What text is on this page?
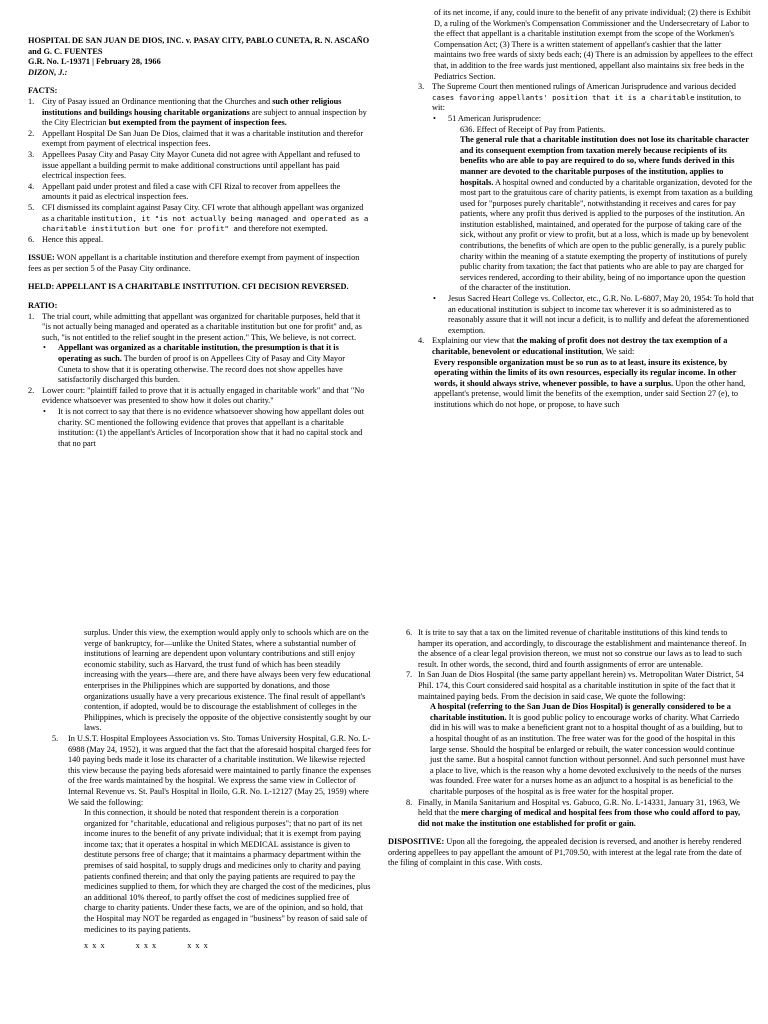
HOSPITAL DE SAN JUAN DE DIOS, INC. v. PASAY CITY, PABLO CUNETA, R. N. ASCAÑO and G. C. FUENTES
G.R. No. L-19371 | February 28, 1966
DIZON, J.:
FACTS:
1. City of Pasay issued an Ordinance mentioning that the Churches and such other religious institutions and buildings housing charitable organizations are subject to annual inspection by the City Electrician but exempted from the payment of inspection fees.
2. Appellant Hospital De San Juan De Dios, claimed that it was a charitable institution and therefor exempt from payment of electrical inspection fees.
3. Appellees Pasay City and Pasay City Mayor Cuneta did not agree with Appellant and refused to issue appellant a building permit to make additional constructions until appellant has paid electrical inspection fees.
4. Appellant paid under protest and filed a case with CFI Rizal to recover from appellees the amounts it paid as electrical inspection fees.
5. CFI dismissed its complaint against Pasay City. CFI wrote that although appellant was organized as a charitable institution, it "is not actually being managed and operated as a charitable institution but one for profit" and therefore not exempted.
6. Hence this appeal.
ISSUE: WON appellant is a charitable institution and therefore exempt from payment of inspection fees as per section 5 of the Pasay City ordinance.
HELD: APPELLANT IS A CHARITABLE INSTITUTION. CFI DECISION REVERSED.
RATIO:
1. The trial court, while admitting that appellant was organized for charitable purposes, held that it "is not actually being managed and operated as a charitable institution but one for profit" and, as such, "is not entitled to the relief sought in the present action." This, We believe, is not correct.
• Appellant was organized as a charitable institution, the presumption is that it is operating as such. The burden of proof is on Appellees City of Pasay and City Mayor Cuneta to show that it is operating otherwise. The record does not show appelles have satisfactorily discharged this burden.
2. Lower court: "plaintiff failed to prove that it is actually engaged in charitable work" and that "No evidence whatsoever was presented to show how it doles out charity."
• It is not correct to say that there is no evidence whatsoever showing how appellant doles out charity. SC mentioned the following evidence that proves that appellant is a charitable institution: (1) the appellant's Articles of Incorporation show that it had no capital stock and that no part
of its net income, if any, could inure to the benefit of any private individual; (2) there is Exhibit D, a ruling of the Workmen's Compensation Commissioner and the Undersecretary of Labor to the effect that appellant is a charitable institution exempt from the scope of the Workmen's Compensation Act; (3) There is a written statement of appellant's cashier that the latter maintains two free wards of sixty beds each; (4) There is an admission by appellees to the effect that, in addition to the free wards just mentioned, appellant also maintains six free beds in the Pediatrics Section.
3. The Supreme Court then mentioned rulings of American Jurisprudence and various decided cases favoring appellants' position that it is a charitable institution, to wit:
• 51 American Jurisprudence:
636. Effect of Receipt of Pay from Patients.
The general rule that a charitable institution does not lose its charitable character and its consequent exemption from taxation merely because recipients of its benefits who are able to pay are required to do so, where funds derived in this manner are devoted to the charitable purposes of the institution, applies to hospitals. A hospital owned and conducted by a charitable organization, devoted for the most part to the gratuitous care of charity patients, is exempt from taxation as a building used for "purposes purely charitable", notwithstanding it receives and cares for pay patients, where any profit thus derived is applied to the purposes of the institution. An institution established, maintained, and operated for the purpose of taking care of the sick, without any profit or view to profit, but at a loss, which is made up by benevolent contributions, the benefits of which are open to the public generally, is a purely public charity within the meaning of a statute exempting the property of institutions of purely public charity from taxation; the fact that patients who are able to pay are charged for services rendered, according to their ability, being of no importance upon the question of the character of the institution.
• Jesus Sacred Heart College vs. Collector, etc., G.R. No. L-6807, May 20, 1954: To hold that an educational institution is subject to income tax wherever it is so administered as to reasonably assure that it will not incur a deficit, is to nullify and defeat the aforementioned exemption.
4. Explaining our view that the making of profit does not destroy the tax exemption of a charitable, benevolent or educational institution, We said:
Every responsible organization must be so run as to at least, insure its existence, by operating within the limits of its own resources, especially its regular income. In other words, it should always strive, whenever possible, to have a surplus. Upon the other hand, appellant's pretense, would limit the benefits of the exemption, under said Section 27 (e), to institutions which do not hope, or propose, to have such
surplus. Under this view, the exemption would apply only to schools which are on the verge of bankruptcy, for—unlike the United States, where a substantial number of institutions of learning are dependent upon voluntary contributions and still enjoy economic stability, such as Harvard, the trust fund of which has been steadily increasing with the years—there are, and there have always been very few educational enterprises in the Philippines which are supported by donations, and those organizations usually have a very precarious existence. The final result of appellant's contention, if adopted, would be to discourage the establishment of colleges in the Philippines, which is precisely the opposite of the objective consistently sought by our laws.
5. In U.S.T. Hospital Employees Association vs. Sto. Tomas University Hospital, G.R. No. L-6988 (May 24, 1952), it was argued that the fact that the aforesaid hospital charged fees for 140 paying beds made it lose its character of a charitable institution. We likewise rejected this view because the paying beds aforesaid were maintained to partly finance the expenses of the free wards maintained by the hospital. We express the same view in Collector of Internal Revenue vs. St. Paul's Hospital in Iloilo, G.R. No. L-12127 (May 25, 1959) where We said the following:
In this connection, it should be noted that respondent therein is a corporation organized for "charitable, educational and religious purposes"; that no part of its net income inures to the benefit of any private individual; that it is exempt from paying income tax; that it operates a hospital in which MEDICAL assistance is given to destitute persons free of charge; that it maintains a pharmacy department within the premises of said hospital, to supply drugs and medicines only to charity and paying patients confined therein; and that only the paying patients are required to pay the medicines supplied to them, for which they are charged the cost of the medicines, plus an additional 10% thereof, to partly offset the cost of medicines supplied free of charge to charity patients. Under these facts, we are of the opinion, and so hold, that the Hospital may NOT be regarded as engaged in "business" by reason of said sale of medicines to its paying patients.
x x x	x x x	x x x
6. It is trite to say that a tax on the limited revenue of charitable institutions of this kind tends to hamper its operation, and accordingly, to discourage the establishment and maintenance thereof. In the absence of a clear legal provision thereon, we must not so construe our laws as to lead to such result. In other words, the second, third and fourth assignments of error are untenable.
7. In San Juan de Dios Hospital (the same party appellant herein) vs. Metropolitan Water District, 54 Phil. 174, this Court considered said hospital as a charitable institution in spite of the fact that it maintained paying beds. From the decision in said case, We quote the following:
A hospital (referring to the San Juan de Dios Hospital) is generally considered to be a charitable institution. It is good public policy to encourage works of charity. What Carriedo did in his will was to make a beneficient grant not to a hospital thought of as a building, but to a hospital thought of as an institution. The free water was for the good of the hospital in this large sense. Should the hospital be enlarged or rebuilt, the water concession would continue just the same. But a hospital cannot function without personnel. And such personnel must have a place to live, which is the reason why a home devoted exclusively to the needs of the nurses was founded. Free water for a nurses home as an adjunct to a hospital is as beneficial to the charitable purposes of the hospital as is free water for the hospital proper.
8. Finally, in Manila Sanitarium and Hospital vs. Gabuco, G.R. No. L-14331, January 31, 1963, We held that the mere charging of medical and hospital fees from those who could afford to pay, did not make the institution one established for profit or gain.
DISPOSITIVE: Upon all the foregoing, the appealed decision is reversed, and another is hereby rendered ordering appellees to pay appellant the amount of P1,709.50, with interest at the legal rate from the date of the filing of complaint in this case. With costs.
